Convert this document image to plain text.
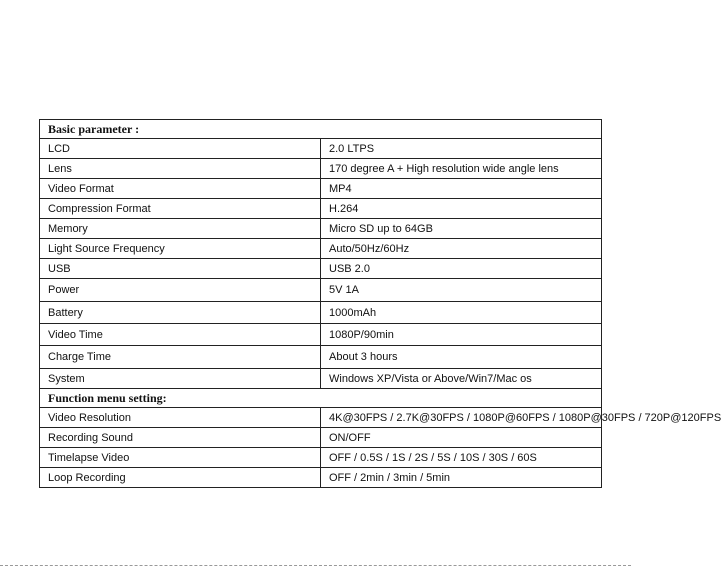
Basic parameter :	
LCD	2.0 LTPS
Lens	170 degree A + High resolution wide angle lens
Video Format	MP4
Compression Format	H.264
Memory	Micro SD up to 64GB
Light Source Frequency	Auto/50Hz/60Hz
USB	USB 2.0
Power	5V 1A
Battery	1000mAh
Video Time	1080P/90min
Charge Time	About 3 hours
System	Windows XP/Vista or Above/Win7/Mac os
Function menu setting:	
Video Resolution	4K@30FPS / 2.7K@30FPS / 1080P@60FPS / 1080P@30FPS / 720P@120FPS
Recording Sound	ON/OFF
Timelapse Video	OFF / 0.5S / 1S / 2S / 5S / 10S / 30S / 60S
Loop Recording	OFF / 2min / 3min / 5min
